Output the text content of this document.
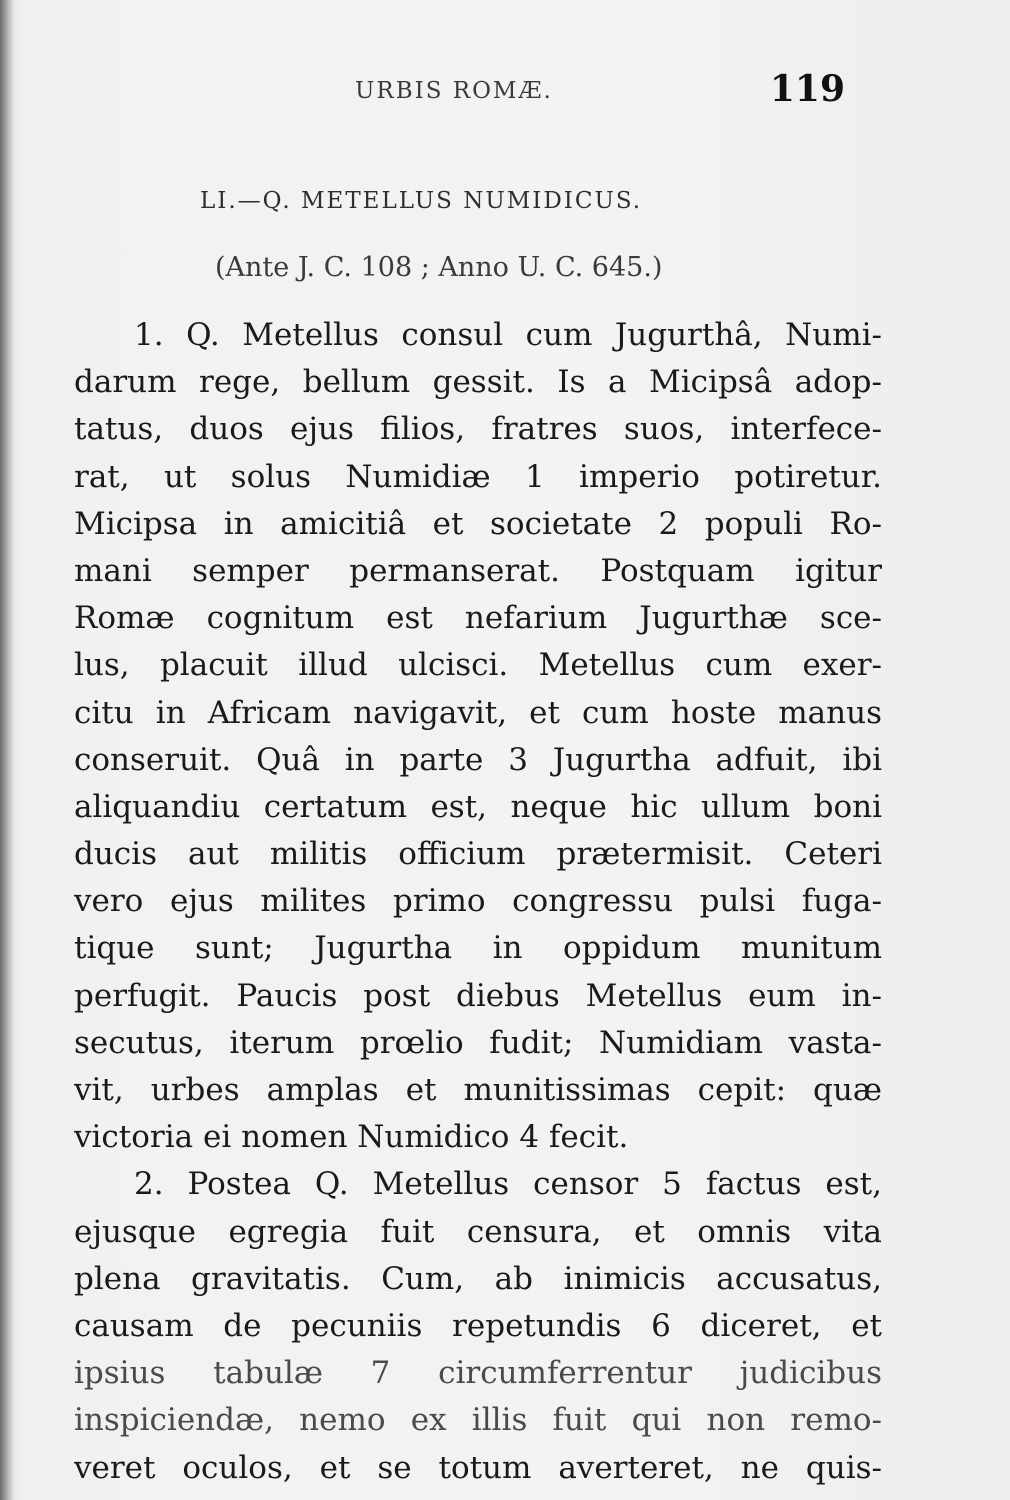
URBIS ROMÆ.	119
LI.—Q. METELLUS NUMIDICUS.
(Ante J. C. 108 ; Anno U. C. 645.)
1. Q. Metellus consul cum Jugurthâ, Numi-
darum rege, bellum gessit. Is a Micipsâ adop-
tatus, duos ejus filios, fratres suos, interfece-
rat, ut solus Numidiæ 1 imperio potiretur.
Micipsa in amicitiâ et societate 2 populi Ro-
mani semper permanserat. Postquam igitur
Romæ cognitum est nefarium Jugurthæ sce-
lus, placuit illud ulcisci. Metellus cum exer-
citu in Africam navigavit, et cum hoste manus
conseruit. Quâ in parte 3 Jugurtha adfuit, ibi
aliquandiu certatum est, neque hic ullum boni
ducis aut militis officium prætermisit. Ceteri
vero ejus milites primo congressu pulsi fuga-
tique sunt; Jugurtha in oppidum munitum
perfugit. Paucis post diebus Metellus eum in-
secutus, iterum prœlio fudit; Numidiam vasta-
vit, urbes amplas et munitissimas cepit: quæ
victoria ei nomen Numidico 4 fecit.
2. Postea Q. Metellus censor 5 factus est,
ejusque egregia fuit censura, et omnis vita
plena gravitatis. Cum, ab inimicis accusatus,
causam de pecuniis repetundis 6 diceret, et
ipsius tabulæ 7 circumferrentur judicibus
inspiciendæ, nemo ex illis fuit qui non remo-
veret oculos, et se totum averteret, ne quis-
